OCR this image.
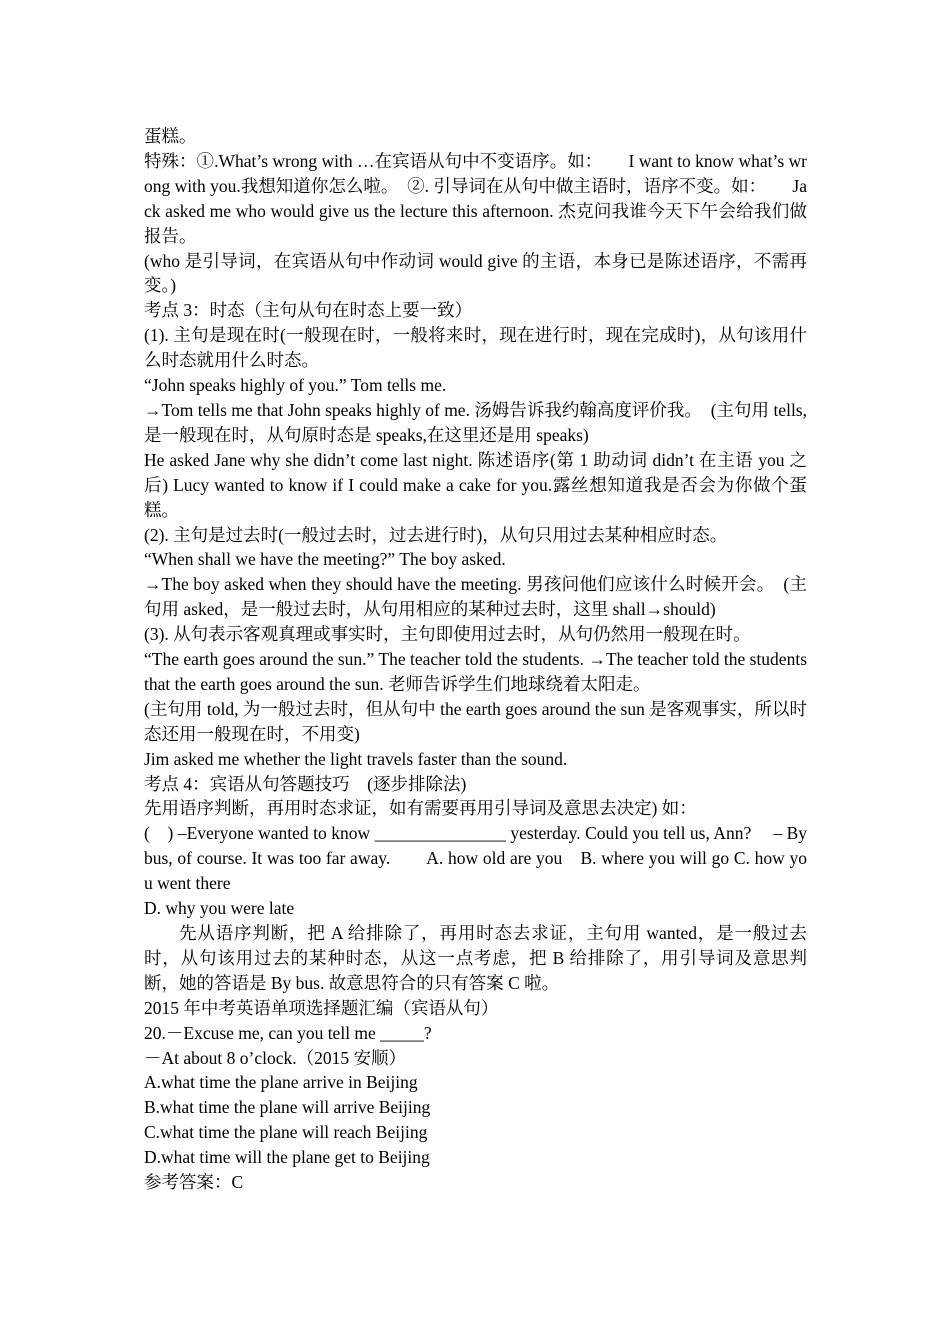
蛋糕。

特殊：①.What’s wrong with …在宾语从句中不变语序。如：　　I want to know what’s wrong with you.我想知道你怎么啦。　②. 引导词在从句中做主语时，语序不变。如：　　Jack asked me who would give us the lecture this afternoon. 杰克问我谁今天下午会给我们做报告。

(who 是引导词，在宾语从句中作动词 would give 的主语，本身已是陈述语序，不需再变。)

考点 3：时态（主句从句在时态上要一致）

(1). 主句是现在时(一般现在时，一般将来时，现在进行时，现在完成时)，从句该用什么时态就用什么时态。

“John speaks highly of you.” Tom tells me.

→Tom tells me that John speaks highly of me. 汤姆告诉我约翰高度评价我。　(主句用 tells, 是一般现在时，从句原时态是 speaks,在这里还是用 speaks)

He asked Jane why she didn’t come last night. 陈述语序(第 1 助动词 didn’t 在主语 you 之后) Lucy wanted to know if I could make a cake for you.露丝想知道我是否会为你做个蛋糕。

(2). 主句是过去时(一般过去时，过去进行时)，从句只用过去某种相应时态。

“When shall we have the meeting?” The boy asked.

→The boy asked when they should have the meeting. 男孩问他们应该什么时候开会。　(主句用 asked，是一般过去时，从句用相应的某种过去时，这里 shall→should)

(3). 从句表示客观真理或事实时，主句即使用过去时，从句仍然用一般现在时。

“The earth goes around the sun.” The teacher told the students. →The teacher told the students that the earth goes around the sun. 老师告诉学生们地球绕着太阳走。

(主句用 told, 为一般过去时，但从句中 the earth goes around the sun 是客观事实，所以时态还用一般现在时，不用变)

Jim asked me whether the light travels faster than the sound.

考点 4：宾语从句答题技巧　(逐步排除法)

先用语序判断，再用时态求证，如有需要再用引导词及意思去决定) 如：

(　) –Everyone wanted to know _______________ yesterday. Could you tell us, Ann? 　– By bus, of course. It was too far away.　　A. how old are you　B. where you will go C. how you went there

D. why you were late

先从语序判断，把 A 给排除了，再用时态去求证，主句用 wanted，是一般过去时，从句该用过去的某种时态，从这一点考虑，把 B 给排除了，用引导词及意思判断，她的答语是 By bus. 故意思符合的只有答案 C 啦。

2015 年中考英语单项选择题汇编（宾语从句）

20.－Excuse me, can you tell me _____?

－At about 8 o’clock.（2015 安顺）

A.what time the plane arrive in Beijing

B.what time the plane will arrive Beijing

C.what time the plane will reach Beijing

D.what time will the plane get to Beijing

参考答案：C
